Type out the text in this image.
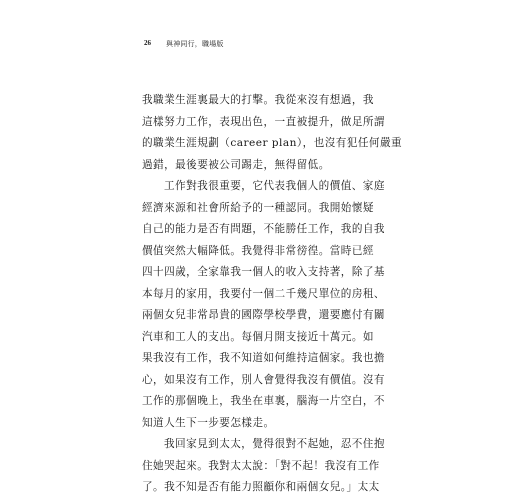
26 與神同行，職場版
我職業生涯裏最大的打擊。我從來沒有想過，我
這樣努力工作，表現出色，一直被提升，做足所謂
的職業生涯規劃（career plan），也沒有犯任何嚴重
過錯，最後要被公司踢走，無得留低。
工作對我很重要，它代表我個人的價值、家庭
經濟來源和社會所給予的一種認同。我開始懷疑
自己的能力是否有問題，不能勝任工作，我的自我
價值突然大幅降低。我覺得非常徬徨。當時已經
四十四歲，全家靠我一個人的收入支持著，除了基
本每月的家用，我要付一個二千幾尺單位的房租、
兩個女兒非常昂貴的國際學校學費，還要應付有關
汽車和工人的支出。每個月開支接近十萬元。如
果我沒有工作，我不知道如何維持這個家。我也擔
心，如果沒有工作，別人會覺得我沒有價值。沒有
工作的那個晚上，我坐在車裏，腦海一片空白，不
知道人生下一步要怎樣走。
我回家見到太太，覺得很對不起她，忍不住抱
住她哭起來。我對太太說：「對不起！我沒有工作
了。我不知是否有能力照顧你和兩個女兒。」太太
